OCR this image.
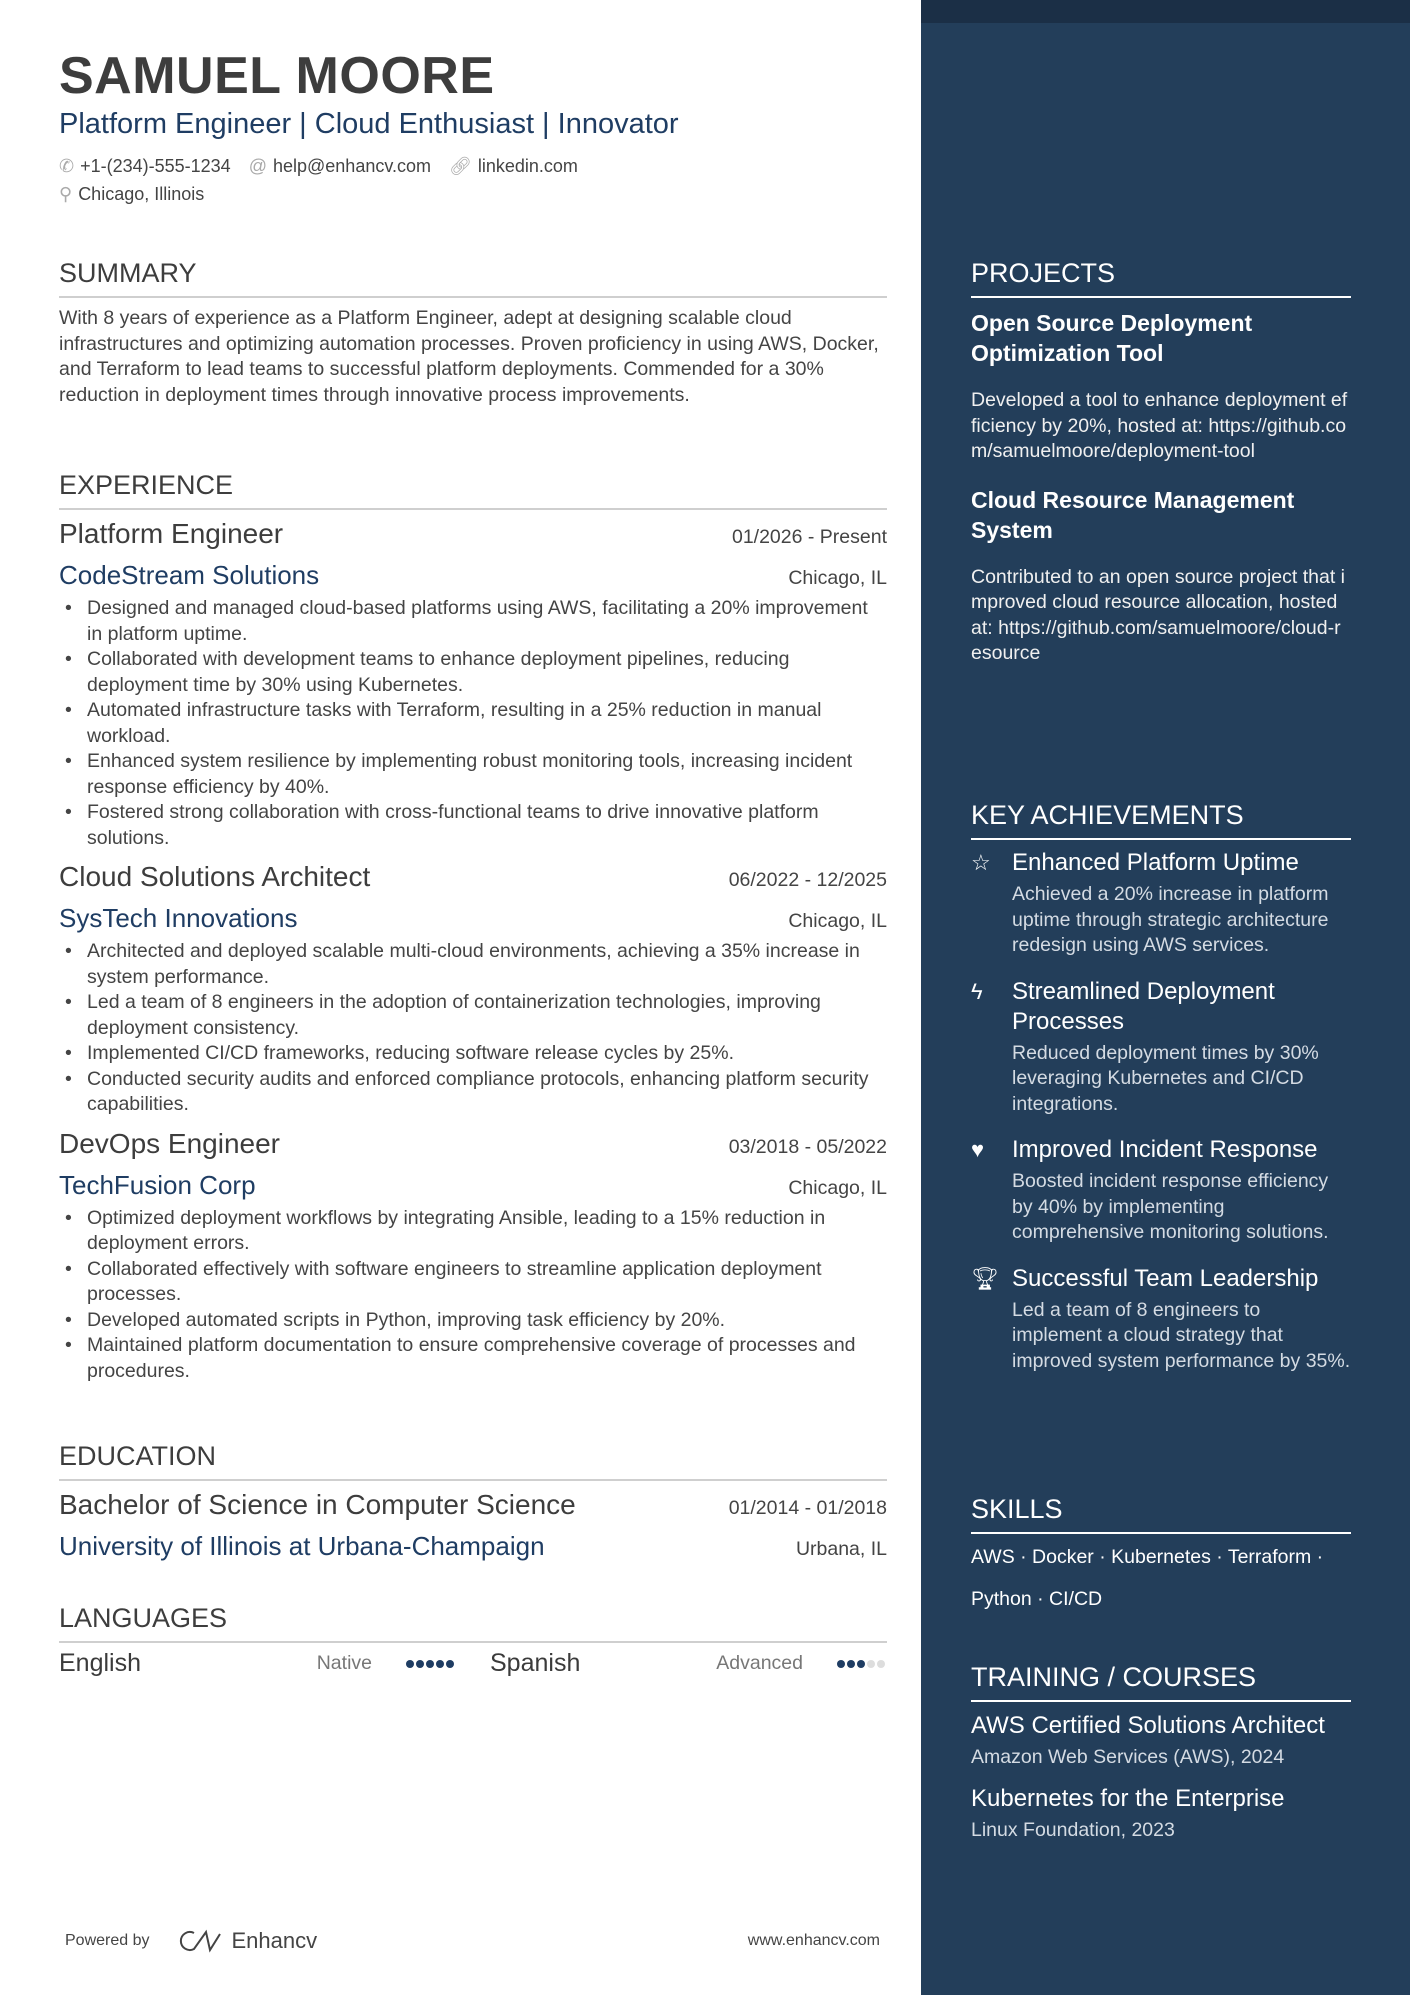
SAMUEL MOORE
Platform Engineer | Cloud Enthusiast | Innovator
✆ +1-(234)-555-1234 @ help@enhancv.com 🔗︎ linkedin.com
⚲ Chicago, Illinois
SUMMARY
With 8 years of experience as a Platform Engineer, adept at designing scalable cloud infrastructures and optimizing automation processes. Proven proficiency in using AWS, Docker, and Terraform to lead teams to successful platform deployments. Commended for a 30% reduction in deployment times through innovative process improvements.
EXPERIENCE
Platform Engineer	01/2026 - Present
CodeStream Solutions	Chicago, IL
• Designed and managed cloud-based platforms using AWS, facilitating a 20% improvement in platform uptime.
• Collaborated with development teams to enhance deployment pipelines, reducing deployment time by 30% using Kubernetes.
• Automated infrastructure tasks with Terraform, resulting in a 25% reduction in manual workload.
• Enhanced system resilience by implementing robust monitoring tools, increasing incident response efficiency by 40%.
• Fostered strong collaboration with cross-functional teams to drive innovative platform solutions.
Cloud Solutions Architect	06/2022 - 12/2025
SysTech Innovations	Chicago, IL
• Architected and deployed scalable multi-cloud environments, achieving a 35% increase in system performance.
• Led a team of 8 engineers in the adoption of containerization technologies, improving deployment consistency.
• Implemented CI/CD frameworks, reducing software release cycles by 25%.
• Conducted security audits and enforced compliance protocols, enhancing platform security capabilities.
DevOps Engineer	03/2018 - 05/2022
TechFusion Corp	Chicago, IL
• Optimized deployment workflows by integrating Ansible, leading to a 15% reduction in deployment errors.
• Collaborated effectively with software engineers to streamline application deployment processes.
• Developed automated scripts in Python, improving task efficiency by 20%.
• Maintained platform documentation to ensure comprehensive coverage of processes and procedures.
EDUCATION
Bachelor of Science in Computer Science	01/2014 - 01/2018
University of Illinois at Urbana-Champaign	Urbana, IL
LANGUAGES
English	Native	Spanish	Advanced
Powered by	Enhancv	www.enhancv.com
PROJECTS
Open Source Deployment Optimization Tool
Developed a tool to enhance deployment efficiency by 20%, hosted at: https://github.com/samuelmoore/deployment-tool
Cloud Resource Management System
Contributed to an open source project that improved cloud resource allocation, hosted at: https://github.com/samuelmoore/cloud-resource
KEY ACHIEVEMENTS
☆ Enhanced Platform Uptime
Achieved a 20% increase in platform uptime through strategic architecture redesign using AWS services.
ϟ	Streamlined Deployment Processes
Reduced deployment times by 30% leveraging Kubernetes and CI/CD integrations.
♥	Improved Incident Response
Boosted incident response efficiency by 40% by implementing comprehensive monitoring solutions.
🏆︎ Successful Team Leadership
Led a team of 8 engineers to implement a cloud strategy that improved system performance by 35%.
SKILLS
AWS · Docker · Kubernetes · Terraform ·
Python · CI/CD
TRAINING / COURSES
AWS Certified Solutions Architect
Amazon Web Services (AWS), 2024
Kubernetes for the Enterprise
Linux Foundation, 2023
